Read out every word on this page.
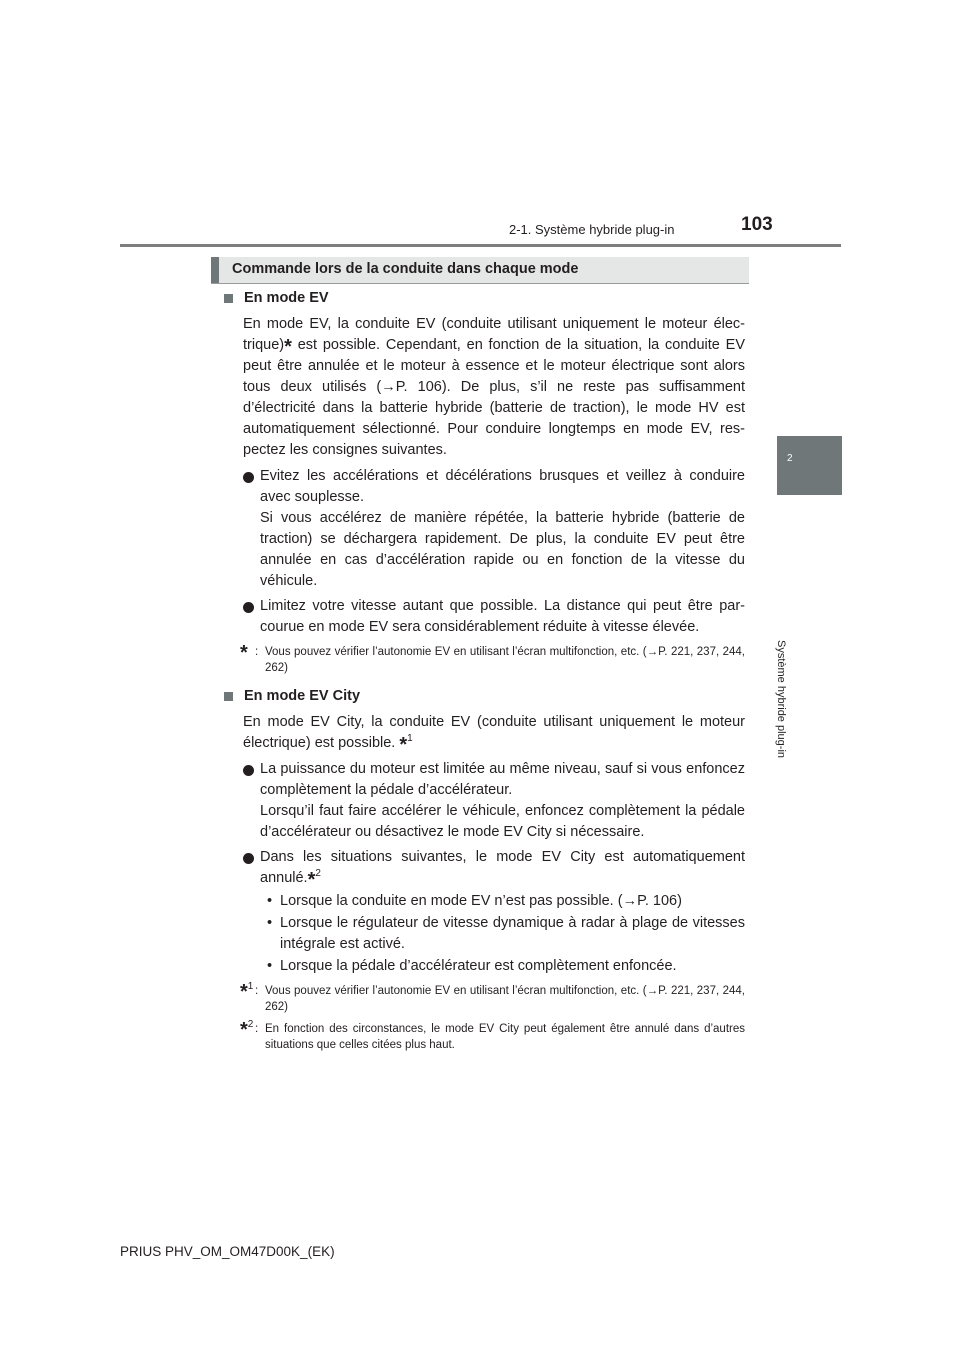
2-1. Système hybride plug-in	103
2
Système hybride plug-in
Commande lors de la conduite dans chaque mode
En mode EV
En mode EV, la conduite EV (conduite utilisant uniquement le moteur élec-trique)* est possible. Cependant, en fonction de la situation, la conduite EV peut être annulée et le moteur à essence et le moteur électrique sont alors tous deux utilisés (→P. 106). De plus, s’il ne reste pas suffisamment d’électricité dans la batterie hybride (batterie de traction), le mode HV est automatiquement sélectionné. Pour conduire longtemps en mode EV, res-pectez les consignes suivantes.
Evitez les accélérations et décélérations brusques et veillez à conduire avec souplesse.
Si vous accélérez de manière répétée, la batterie hybride (batterie de traction) se déchargera rapidement. De plus, la conduite EV peut être annulée en cas d’accélération rapide ou en fonction de la vitesse du véhicule.
Limitez votre vitesse autant que possible. La distance qui peut être par-courue en mode EV sera considérablement réduite à vitesse élevée.
* : Vous pouvez vérifier l’autonomie EV en utilisant l’écran multifonction, etc. (→P. 221, 237, 244, 262)
En mode EV City
En mode EV City, la conduite EV (conduite utilisant uniquement le moteur électrique) est possible. *$^1$
La puissance du moteur est limitée au même niveau, sauf si vous enfoncez complètement la pédale d’accélérateur.
Lorsqu’il faut faire accélérer le véhicule, enfoncez complètement la pédale d’accélérateur ou désactivez le mode EV City si nécessaire.
Dans les situations suivantes, le mode EV City est automatiquement annulé.*$^2$
• Lorsque la conduite en mode EV n’est pas possible. (→P. 106)
• Lorsque le régulateur de vitesse dynamique à radar à plage de vitesses intégrale est activé.
• Lorsque la pédale d’accélérateur est complètement enfoncée.
*1 : Vous pouvez vérifier l’autonomie EV en utilisant l’écran multifonction, etc. (→P. 221, 237, 244, 262)
*2 : En fonction des circonstances, le mode EV City peut également être annulé dans d’autres situations que celles citées plus haut.
PRIUS PHV_OM_OM47D00K_(EK)
